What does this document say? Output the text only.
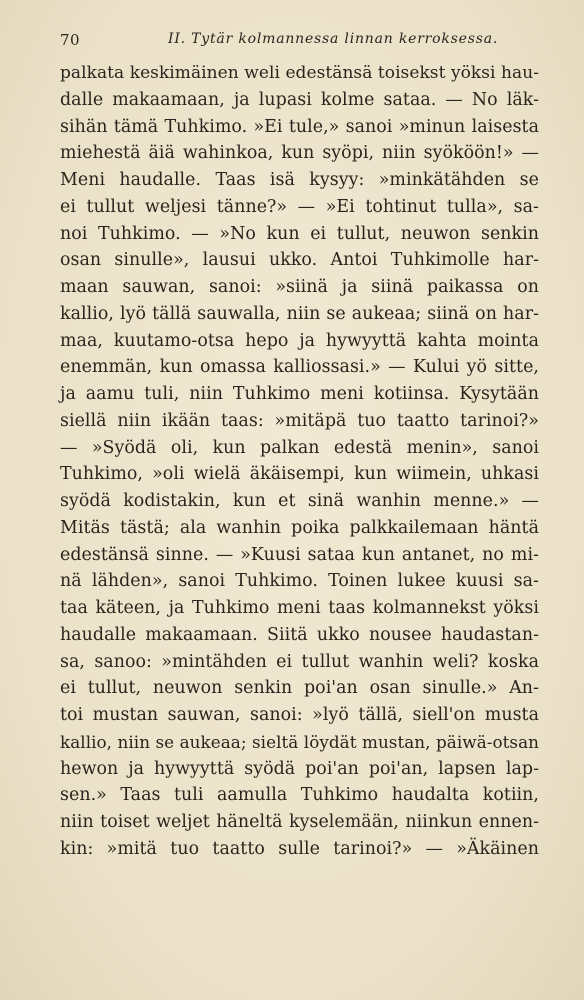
70	II. Tytär kolmannessa linnan kerroksessa.
palkata keskimäinen weli edestänsä toisekst yöksi hau-
dalle makaamaan, ja lupasi kolme sataa. — No läk-
sihän tämä Tuhkimo. »Ei tule,» sanoi »minun laisesta
miehestä äiä wahinkoa, kun syöpi, niin syököön!» —
Meni haudalle. Taas isä kysyy: »minkätähden se
ei tullut weljesi tänne?» — »Ei tohtinut tulla», sa-
noi Tuhkimo. — »No kun ei tullut, neuwon senkin
osan sinulle», lausui ukko. Antoi Tuhkimolle har-
maan sauwan, sanoi: »siinä ja siinä paikassa on
kallio, lyö tällä sauwalla, niin se aukeaa; siinä on har-
maa, kuutamo-otsa hepo ja hywyyttä kahta mointa
enemmän, kun omassa kalliossasi.» — Kului yö sitte,
ja aamu tuli, niin Tuhkimo meni kotiinsa. Kysytään
siellä niin ikään taas: »mitäpä tuo taatto tarinoi?»
— »Syödä oli, kun palkan edestä menin», sanoi
Tuhkimo, »oli wielä äkäisempi, kun wiimein, uhkasi
syödä kodistakin, kun et sinä wanhin menne.» —
Mitäs tästä; ala wanhin poika palkkailemaan häntä
edestänsä sinne. — »Kuusi sataa kun antanet, no mi-
nä lähden», sanoi Tuhkimo. Toinen lukee kuusi sa-
taa käteen, ja Tuhkimo meni taas kolmannekst yöksi
haudalle makaamaan. Siitä ukko nousee haudastan-
sa, sanoo: »mintähden ei tullut wanhin weli? koska
ei tullut, neuwon senkin poi'an osan sinulle.» An-
toi mustan sauwan, sanoi: »lyö tällä, siell'on musta
kallio, niin se aukeaa; sieltä löydät mustan, päiwä-otsan
hewon ja hywyyttä syödä poi'an poi'an, lapsen lap-
sen.» Taas tuli aamulla Tuhkimo haudalta kotiin,
niin toiset weljet häneltä kyselemään, niinkun ennen-
kin: »mitä tuo taatto sulle tarinoi?» — »Äkäinen
